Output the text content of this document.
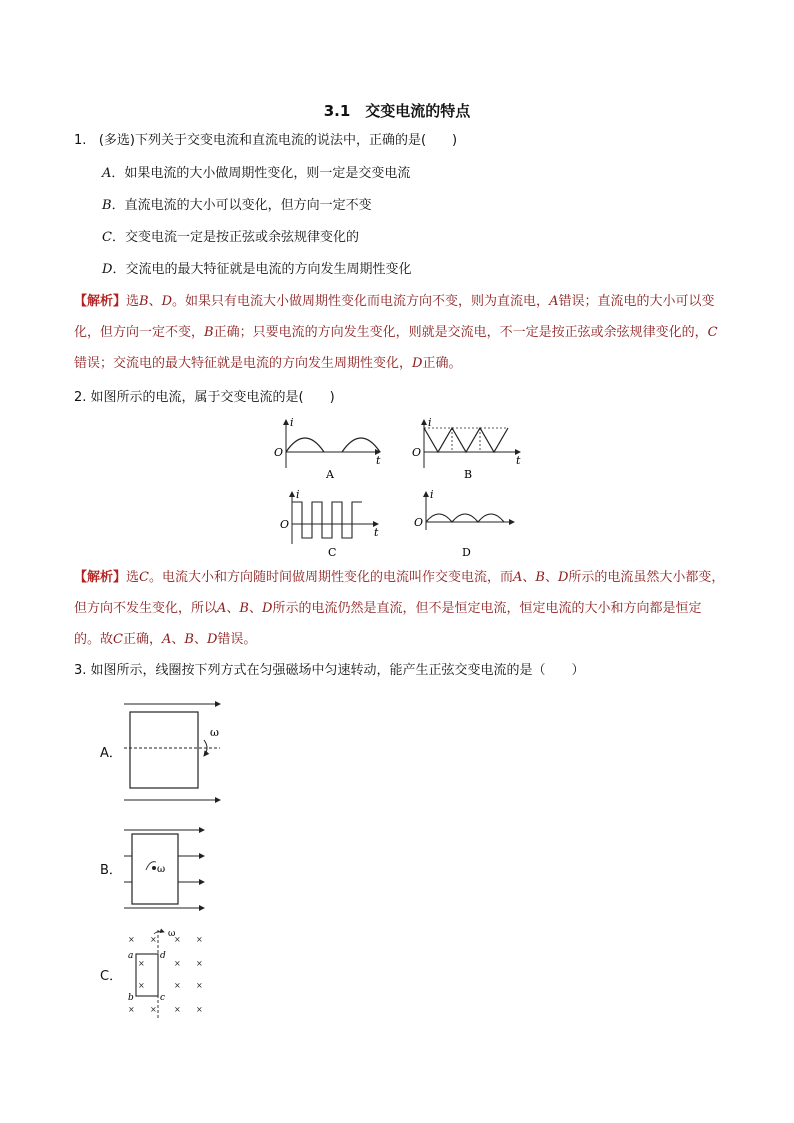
3.1　交变电流的特点
1. (多选)下列关于交变电流和直流电流的说法中，正确的是(　　)
A．如果电流的大小做周期性变化，则一定是交变电流
B．直流电流的大小可以变化，但方向一定不变
C．交变电流一定是按正弦或余弦规律变化的
D．交流电的最大特征就是电流的方向发生周期性变化
【解析】选B、D。如果只有电流大小做周期性变化而电流方向不变，则为直流电，A错误；直流电的大小可以变化，但方向一定不变，B正确；只要电流的方向发生变化，则就是交流电，不一定是按正弦或余弦规律变化的，C错误；交流电的最大特征就是电流的方向发生周期性变化，D正确。
2. 如图所示的电流，属于交变电流的是(　　)
i
O
t
A
i
O
t
B
i
O
t
C
i
O
D
【解析】选C。电流大小和方向随时间做周期性变化的电流叫作交变电流，而A、B、D所示的电流虽然大小都变，但方向不发生变化，所以A、B、D所示的电流仍然是直流，但不是恒定电流，恒定电流的大小和方向都是恒定的。故C正确，A、B、D错误。
3. 如图所示，线圈按下列方式在匀强磁场中匀速转动，能产生正弦交变电流的是（　　）
A．
ω
B．	ω
C．
× × × ×
× ×
× ×
× × × ×
×
×
ω
a
b	c
d
